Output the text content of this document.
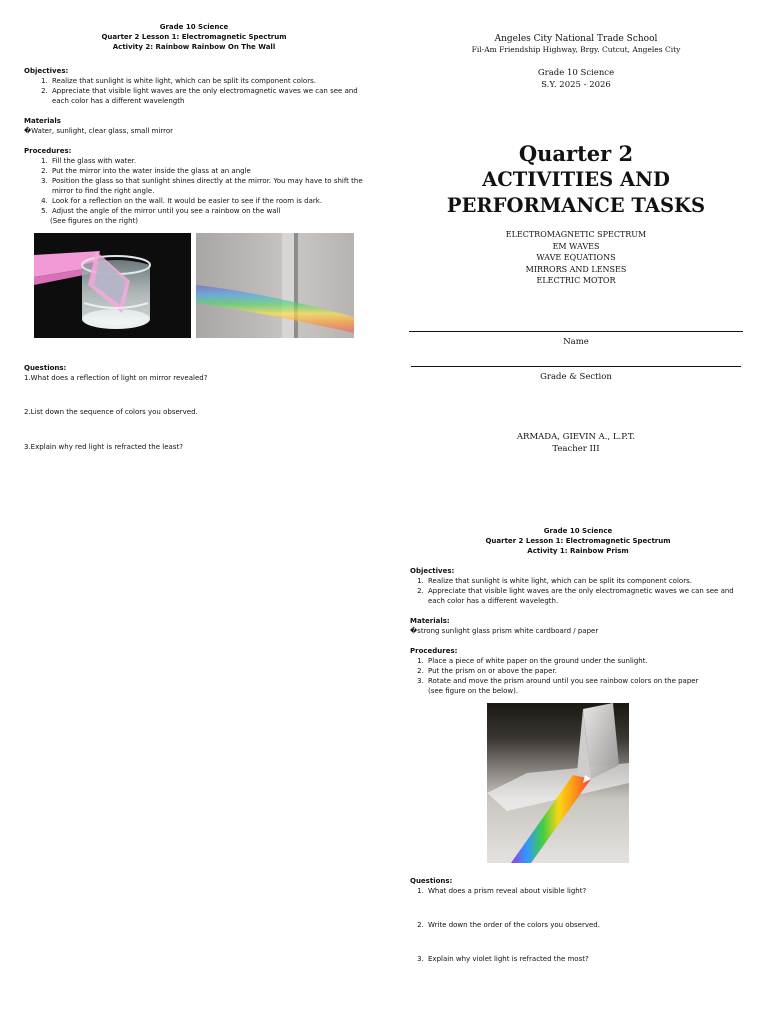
Grade 10 Science
Quarter 2 Lesson 1: Electromagnetic Spectrum
Activity 2: Rainbow Rainbow On The Wall
Objectives:
1. Realize that sunlight is white light, which can be split its component colors.
2. Appreciate that visible light waves are the only electromagnetic waves we can see and each color has a different wavelength
Materials
�Water, sunlight, clear glass, small mirror
Procedures:
1. Fill the glass with water.
2. Put the mirror into the water inside the glass at an angle
3. Position the glass so that sunlight shines directly at the mirror. You may have to shift the mirror to find the right angle.
4. Look for a reflection on the wall. It would be easier to see if the room is dark.
5. Adjust the angle of the mirror until you see a rainbow on the wall
(See figures on the right)
Questions:
1.What does a reflection of light on mirror revealed?
2.List down the sequence of colors you observed.
3.Explain why red light is refracted the least?
Angeles City National Trade School
Fil-Am Friendship Highway, Brgy. Cutcut, Angeles City
Grade 10 Science
S.Y. 2025 - 2026
Quarter 2
ACTIVITIES AND
PERFORMANCE TASKS
ELECTROMAGNETIC SPECTRUM
EM WAVES
WAVE EQUATIONS
MIRRORS AND LENSES
ELECTRIC MOTOR
Name
Grade & Section
ARMADA, GIEVIN A., L.P.T.
Teacher III
Grade 10 Science
Quarter 2 Lesson 1: Electromagnetic Spectrum
Activity 1: Rainbow Prism
Objectives:
1. Realize that sunlight is white light, which can be split its component colors.
2. Appreciate that visible light waves are the only electromagnetic waves we can see and each color has a different wavelegth.
Materials:
�strong sunlight glass prism white cardboard / paper
Procedures:
1. Place a piece of white paper on the ground under the sunlight.
2. Put the prism on or above the paper.
3. Rotate and move the prism around until you see rainbow colors on the paper
(see figure on the below).
Questions:
1. What does a prism reveal about visible light?
2. Write down the order of the colors you observed.
3. Explain why violet light is refracted the most?
